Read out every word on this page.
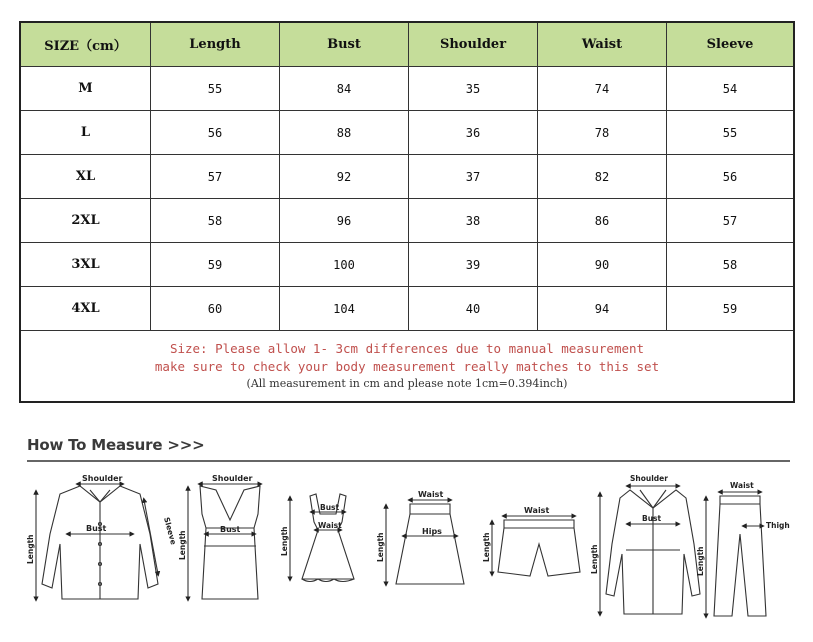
SIZE（cm）	Length	Bust	Shoulder	Waist	Sleeve
M	55	84	35	74	54
L	56	88	36	78	55
XL	57	92	37	82	56
2XL	58	96	38	86	57
3XL	59	100	39	90	58
4XL	60	104	40	94	59
Size: Please allow 1- 3cm differences due to manual measurement
make sure to check your body measurement really matches to this set
(All measurement in cm and please note 1cm=0.394inch)
How To Measure >>>
Shoulder
Bust
Length
Sleeve
Shoulder
Bust
Length
Bust
Waist
Length
Waist
Hips
Length
Waist
Length
Shoulder
Bust
Length
Waist
Thigh
Length
